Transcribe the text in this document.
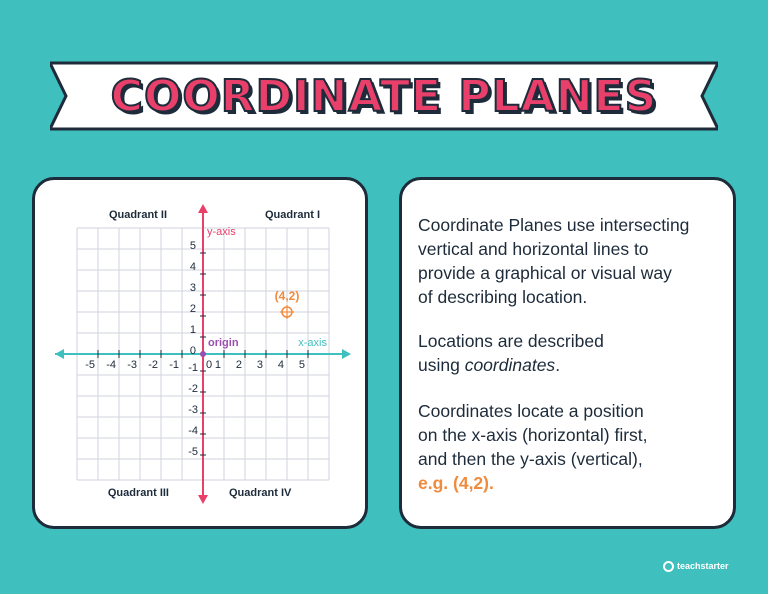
COORDINATE PLANES
-5 -4 -3 -2 -1 0 1 2 3 4 5
5
4
3
2
1
0
-1
-2
-3
-4
-5
y-axis
x-axis
origin
Quadrant I
Quadrant II
Quadrant III	Quadrant IV
(4,2)
Coordinate Planes use intersecting
vertical and horizontal lines to
provide a graphical or visual way
of describing location.
Locations are described
using coordinates.
Coordinates locate a position
on the x-axis (horizontal) first,
and then the y-axis (vertical),
e.g. (4,2).
teachstarter
